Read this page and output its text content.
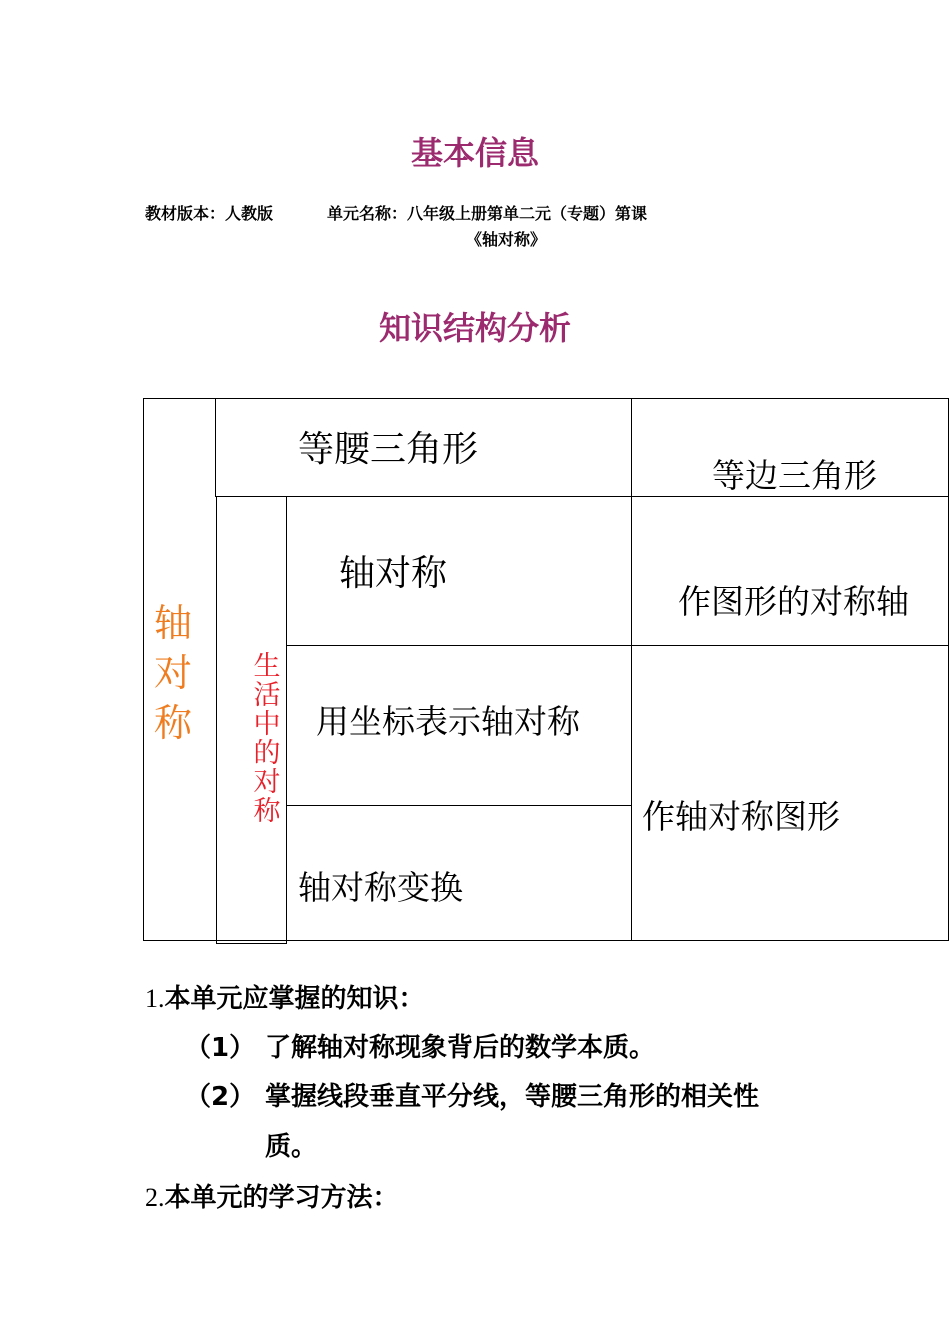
基本信息
教材版本：人教版	单元名称：八年级上册第单二元（专题）第课
《轴对称》
知识结构分析
轴
对
称
生
活
中
的
对
称
等腰三角形
等边三角形
轴对称
作图形的对称轴
用坐标表示轴对称
作轴对称图形
轴对称变换
1.本单元应掌握的知识：
（1） 了解轴对称现象背后的数学本质。
（2） 掌握线段垂直平分线，等腰三角形的相关性
质。
2.本单元的学习方法：
